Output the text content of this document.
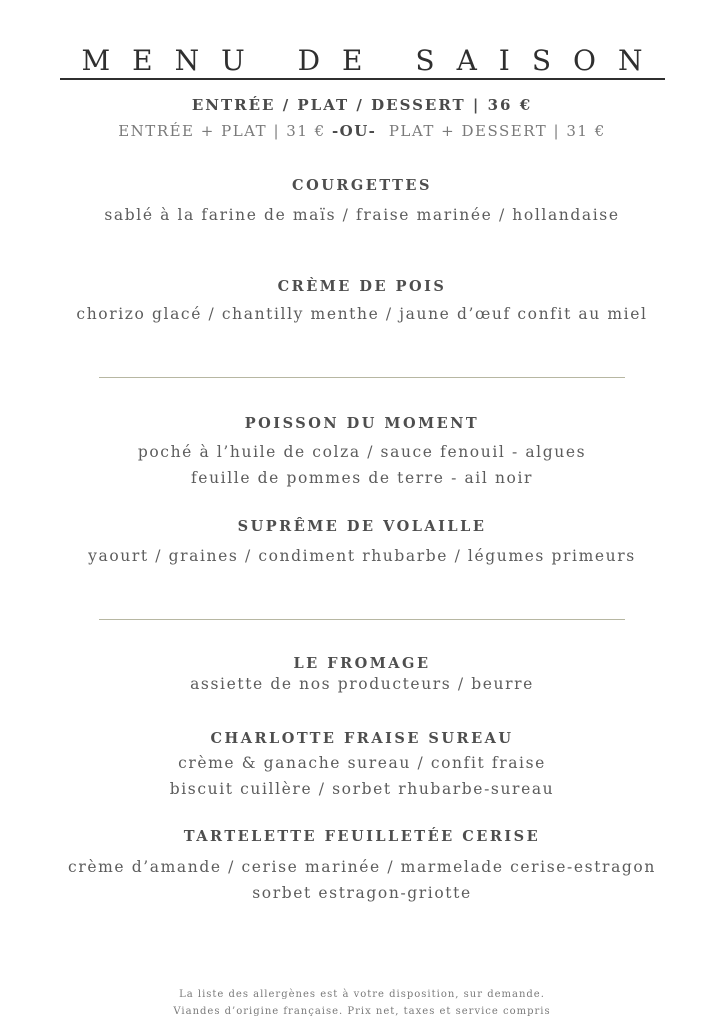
MENU DE SAISON
ENTRÉE / PLAT / DESSERT | 36 €
ENTRÉE + PLAT | 31 € -OU-  PLAT + DESSERT | 31 €
COURGETTES
sablé à la farine de maïs / fraise marinée / hollandaise
CRÈME DE POIS
chorizo glacé / chantilly menthe / jaune d’œuf confit au miel
POISSON DU MOMENT
poché à l’huile de colza / sauce fenouil - algues
feuille de pommes de terre - ail noir
SUPRÊME DE VOLAILLE
yaourt / graines / condiment rhubarbe / légumes primeurs
LE FROMAGE
assiette de nos producteurs / beurre
CHARLOTTE FRAISE SUREAU
crème & ganache sureau / confit fraise
biscuit cuillère / sorbet rhubarbe-sureau
TARTELETTE FEUILLETÉE CERISE
crème d’amande / cerise marinée / marmelade cerise-estragon
sorbet estragon-griotte
La liste des allergènes est à votre disposition, sur demande.
Viandes d’origine française. Prix net, taxes et service compris
